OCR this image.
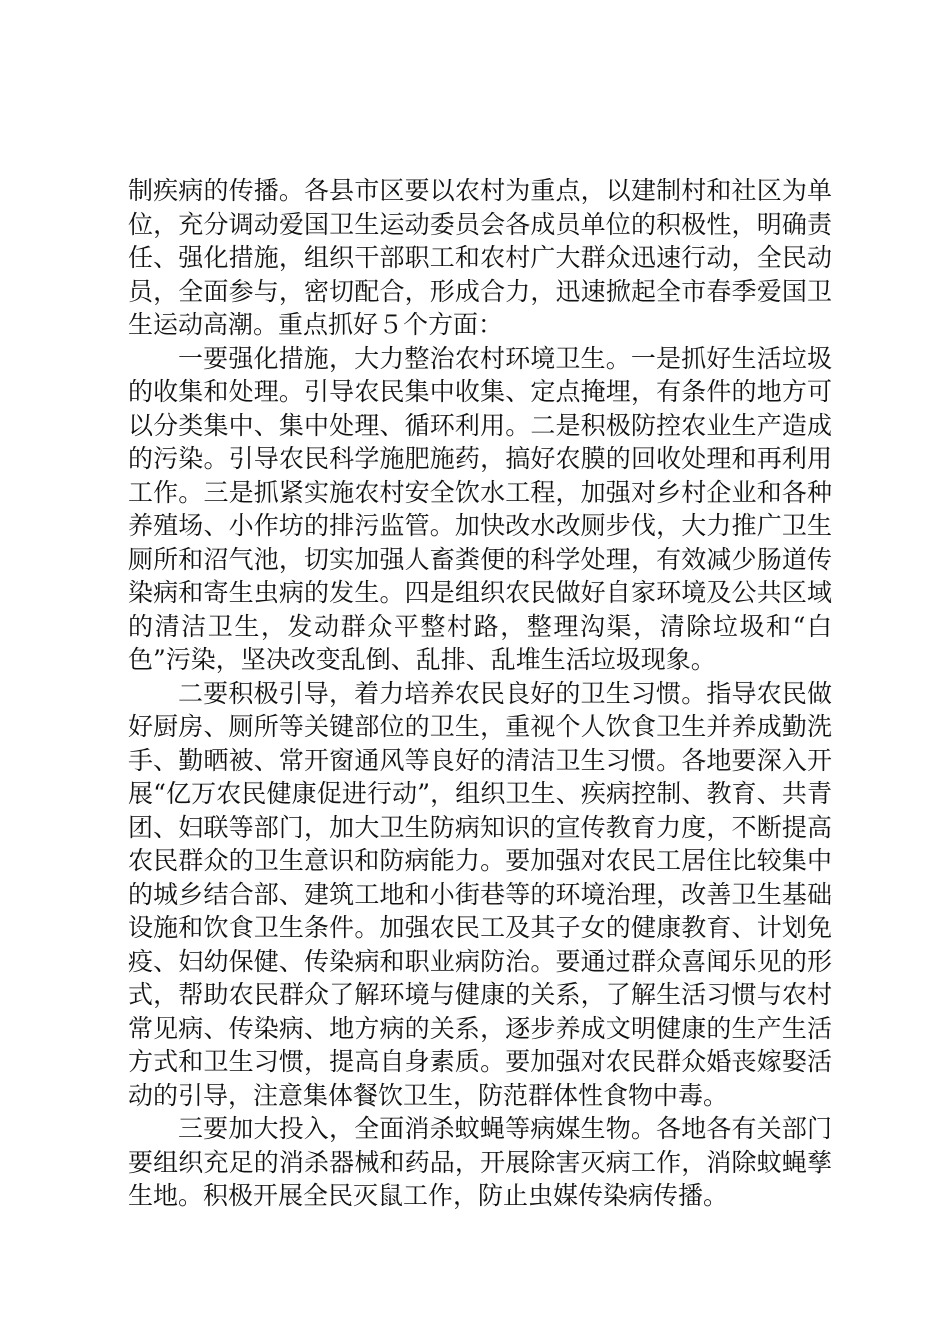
制疾病的传播。各县市区要以农村为重点，以建制村和社区为单位，充分调动爱国卫生运动委员会各成员单位的积极性，明确责任、强化措施，组织干部职工和农村广大群众迅速行动，全民动员，全面参与，密切配合，形成合力，迅速掀起全市春季爱国卫生运动高潮。重点抓好５个方面：

一要强化措施，大力整治农村环境卫生。一是抓好生活垃圾的收集和处理。引导农民集中收集、定点掩埋，有条件的地方可以分类集中、集中处理、循环利用。二是积极防控农业生产造成的污染。引导农民科学施肥施药，搞好农膜的回收处理和再利用工作。三是抓紧实施农村安全饮水工程，加强对乡村企业和各种养殖场、小作坊的排污监管。加快改水改厕步伐，大力推广卫生厕所和沼气池，切实加强人畜粪便的科学处理，有效减少肠道传染病和寄生虫病的发生。四是组织农民做好自家环境及公共区域的清洁卫生，发动群众平整村路，整理沟渠，清除垃圾和“白色”污染，坚决改变乱倒、乱排、乱堆生活垃圾现象。

二要积极引导，着力培养农民良好的卫生习惯。指导农民做好厨房、厕所等关键部位的卫生，重视个人饮食卫生并养成勤洗手、勤晒被、常开窗通风等良好的清洁卫生习惯。各地要深入开展“亿万农民健康促进行动”，组织卫生、疾病控制、教育、共青团、妇联等部门，加大卫生防病知识的宣传教育力度，不断提高农民群众的卫生意识和防病能力。要加强对农民工居住比较集中的城乡结合部、建筑工地和小街巷等的环境治理，改善卫生基础设施和饮食卫生条件。加强农民工及其子女的健康教育、计划免疫、妇幼保健、传染病和职业病防治。要通过群众喜闻乐见的形式，帮助农民群众了解环境与健康的关系，了解生活习惯与农村常见病、传染病、地方病的关系，逐步养成文明健康的生产生活方式和卫生习惯，提高自身素质。要加强对农民群众婚丧嫁娶活动的引导，注意集体餐饮卫生，防范群体性食物中毒。

三要加大投入，全面消杀蚊蝇等病媒生物。各地各有关部门要组织充足的消杀器械和药品，开展除害灭病工作，消除蚊蝇孳生地。积极开展全民灭鼠工作，防止虫媒传染病传播。
